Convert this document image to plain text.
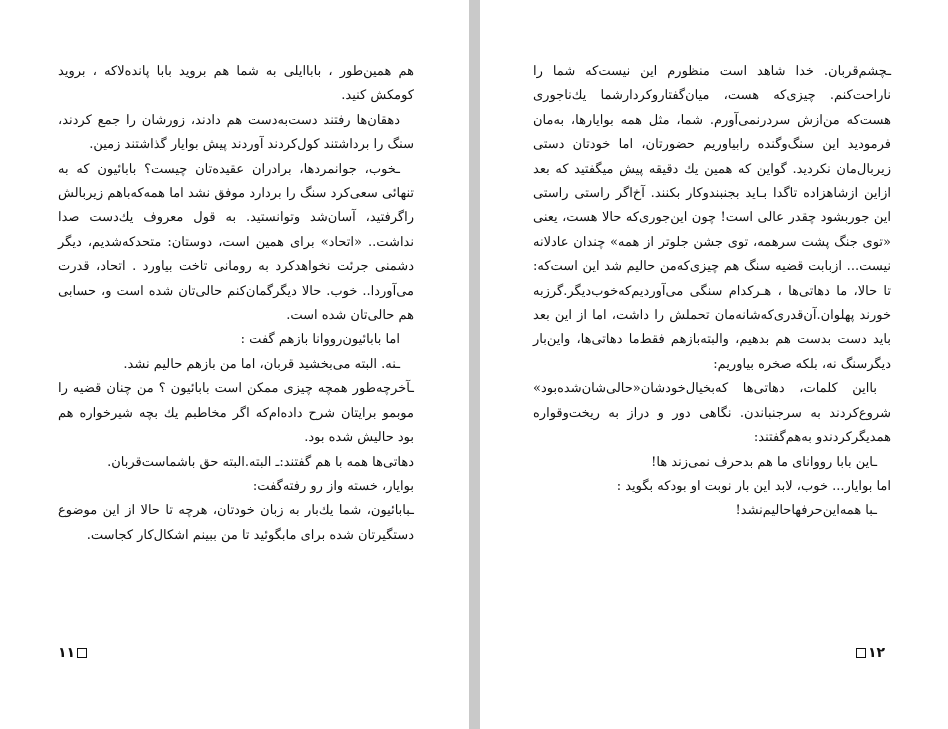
هم همین‌طور ، باباایلی به شما هم بروید بابا پانده‌لاکه ، بروید کومکش کنید.

دهقان‌ها رفتند دست‌به‌دست هم دادند، زورشان را جمع کردند، سنگ را برداشتند کول‌کردند آوردند پیش بوایار گذاشتند زمین.

ـخوب، جوانمردها، برادران عقیده‌تان چیست؟ بابائیون که به تنهائی سعی‌کرد سنگ را بردارد موفق نشد اما همه‌که‌باهم زیربالش راگرفتید، آسان‌شد وتوانستید. به قول معروف یك‌دست صدا نداشت.. «اتحاد» برای همین است، دوستان: متحدکه‌شدیم، دیگر دشمنی جرئت نخواهدکرد به رومانی تاخت بیاورد . اتحاد، قدرت می‌آوردا.. خوب. حالا دیگرگمان‌کنم حالی‌تان شده است و، حسابی هم حالی‌تان شده است.

اما بابائیون‌رووانا بازهم گفت :

ـنه. البته می‌بخشید قربان، اما من بازهم حالیم نشد.

ـآخرچه‌طور همچه چیزی ممکن است بابائیون ؟ من چنان قضیه را موبمو برایتان شرح داده‌ام‌که اگر مخاطبم یك بچه شیرخواره هم بود حالیش شده بود.

دهاتی‌ها همه با هم گفتند:ـ البته.البته حق باشماست‌قربان.

بوایار، خسته واز رو رفته‌گفت:

ـبابائیون، شما یك‌بار به زبان خودتان، هرچه تا حالا از این موضوع دستگیرتان شده برای مابگوئید تا من ببینم اشکال‌کار کجاست.

۱۱

ـچشم‌قربان. خدا شاهد است منظورم این نیست‌که شما را ناراحت‌کنم. چیزی‌که هست، میان‌گفتاروکردارشما یك‌ناجوری هست‌که من‌ازش سردرنمی‌آورم. شما، مثل همه بوایارها، به‌مان فرمودید این سنگ‌وگنده رابیاوریم حضورتان، اما خودتان دستی زیربال‌مان نکردید. گواین که همین یك دقیقه پیش میگفتید که بعد ازاین ازشاهزاده تاگدا بـاید بجنبندوکار بکنند. آخ‌اگر راستی راستی این جوربشود چقدر عالی است! چون این‌جوری‌که حالا هست، یعنی «توی جنگ پشت سرهمه، توی جشن جلوتر از همه» چندان عادلانه نیست... ازبابت قضیه سنگ هم چیزی‌که‌من حالیم شد این است‌که: تا حالا، ما دهاتی‌ها ، هـرکدام سنگی می‌آوردیم‌که‌خوب‌دیگر.گرزبه خورند پهلوان.آن‌قدری‌که‌شانه‌مان تحملش را داشت، اما از این بعد باید دست بدست هم بدهیم، والبته‌بازهم فقط‌ما دهاتی‌ها، واین‌بار دیگرسنگ نه، بلکه صخره بیاوریم:

بااین کلمات، دهاتی‌ها که‌بخیال‌خودشان«حالی‌شان‌شده‌بود» شروع‌کردند به سرجنباندن. نگاهی دور و دراز به ریخت‌وقواره همدیگرکردندو به‌هم‌گفتند:

ـاین بابا رووانای ما هم بدحرف نمی‌زند ها!

اما بوایار... خوب، لابد این بار نوبت او بودکه بگوید :

ـبا همه‌این‌حرفهاحالیم‌نشد!

۱۲
